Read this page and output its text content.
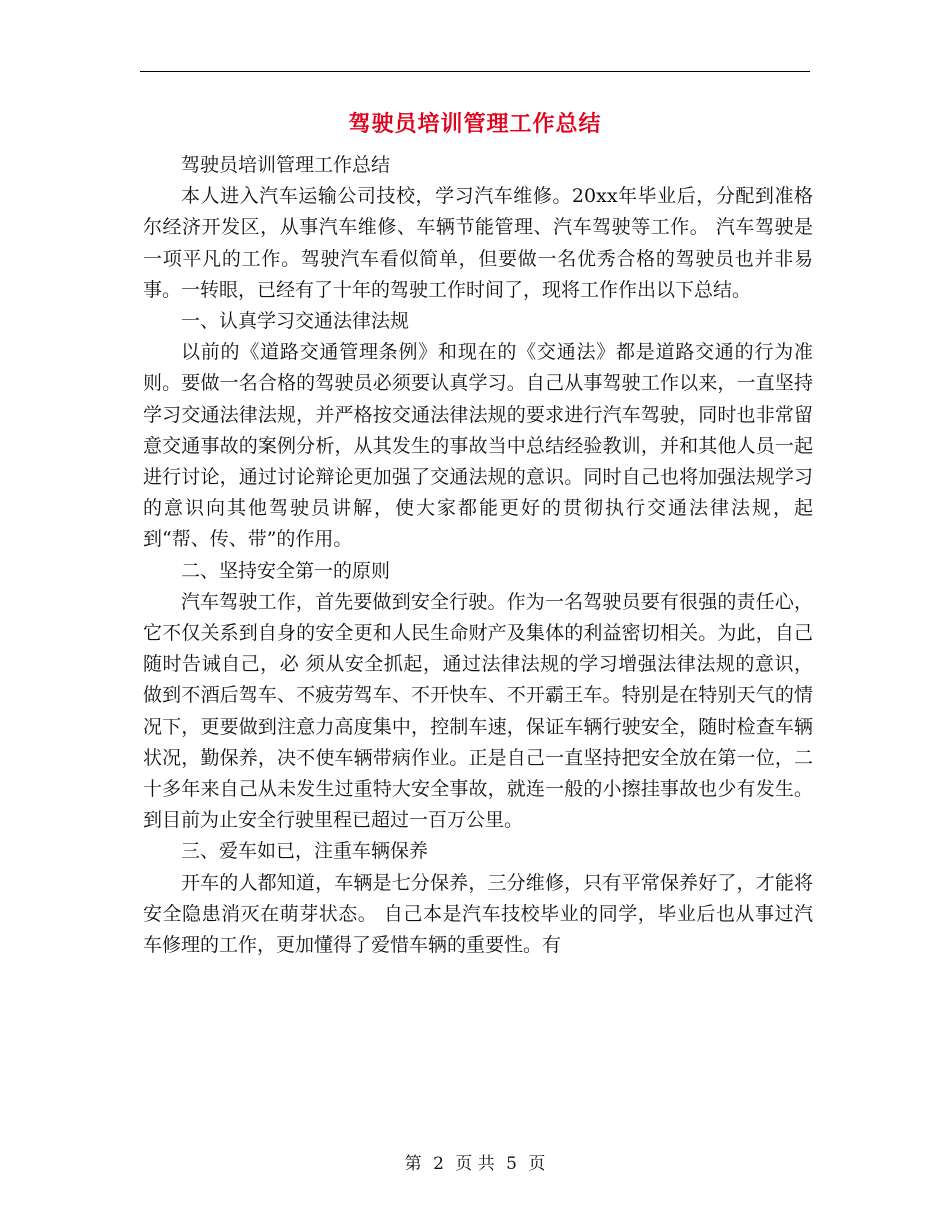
驾驶员培训管理工作总结

驾驶员培训管理工作总结

本人进入汽车运输公司技校，学习汽车维修。20xx年毕业后，分配到准格尔经济开发区，从事汽车维修、车辆节能管理、汽车驾驶等工作。 汽车驾驶是一项平凡的工作。驾驶汽车看似简单，但要做一名优秀合格的驾驶员也并非易事。一转眼，已经有了十年的驾驶工作时间了，现将工作作出以下总结。

一、认真学习交通法律法规

以前的《道路交通管理条例》和现在的《交通法》都是道路交通的行为准则。要做一名合格的驾驶员必须要认真学习。自己从事驾驶工作以来，一直坚持学习交通法律法规，并严格按交通法律法规的要求进行汽车驾驶，同时也非常留意交通事故的案例分析，从其发生的事故当中总结经验教训，并和其他人员一起进行讨论，通过讨论辩论更加强了交通法规的意识。同时自己也将加强法规学习的意识向其他驾驶员讲解，使大家都能更好的贯彻执行交通法律法规，起到“帮、传、带”的作用。

二、坚持安全第一的原则

汽车驾驶工作，首先要做到安全行驶。作为一名驾驶员要有很强的责任心，它不仅关系到自身的安全更和人民生命财产及集体的利益密切相关。为此，自己随时告诫自己，必 须从安全抓起，通过法律法规的学习增强法律法规的意识，做到不酒后驾车、不疲劳驾车、不开快车、不开霸王车。特别是在特别天气的情况下，更要做到注意力高度集中，控制车速，保证车辆行驶安全，随时检查车辆状况，勤保养，决不使车辆带病作业。正是自己一直坚持把安全放在第一位，二十多年来自己从未发生过重特大安全事故，就连一般的小擦挂事故也少有发生。到目前为止安全行驶里程已超过一百万公里。

三、爱车如已，注重车辆保养

开车的人都知道，车辆是七分保养，三分维修，只有平常保养好了，才能将安全隐患消灭在萌芽状态。 自己本是汽车技校毕业的同学，毕业后也从事过汽车修理的工作，更加懂得了爱惜车辆的重要性。有

第 2 页 共 5 页
